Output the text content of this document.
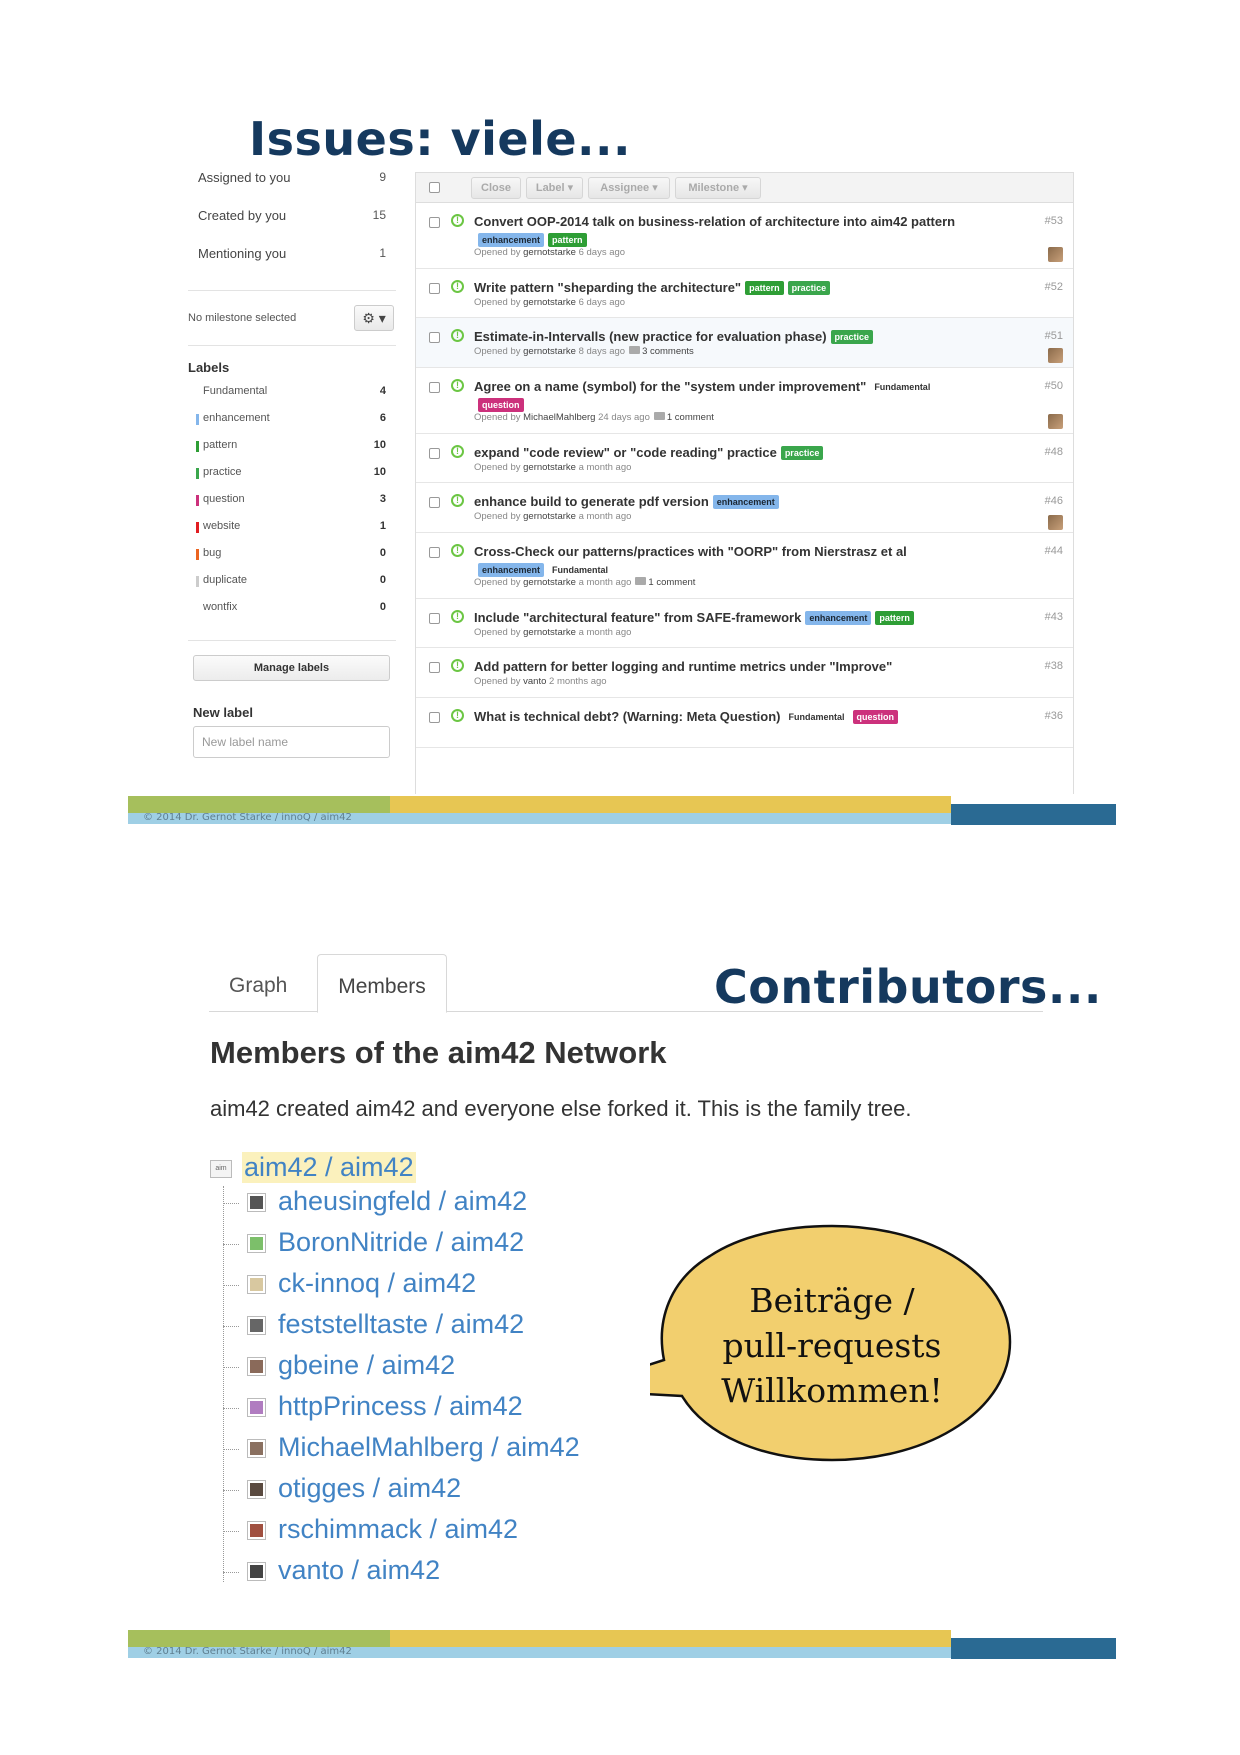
Issues: viele...
Assigned to you	9
Created by you	15
Mentioning you	1
No milestone selected	⚙ ▾
Labels
Fundamental	4
enhancement	6
pattern	10
practice	10
question	3
website	1
bug	0
duplicate	0
wontfix	0
Manage labels
New label
New label name
Close	Label ▾	Assignee ▾	Milestone ▾
!	Convert OOP-2014 talk on business-relation of architecture into aim42 patternenhancement pattern
Opened by gernotstarke 6 days ago
#53
!	Write pattern "sheparding the architecture" pattern practice
Opened by gernotstarke 6 days ago
#52
!	Estimate-in-Intervalls (new practice for evaluation phase) practice
Opened by gernotstarke 8 days ago 3 comments
#51
!	Agree on a name (symbol) for the "system under improvement" Fundamentalquestion
Opened by MichaelMahlberg 24 days ago 1 comment
#50
!	expand "code review" or "code reading" practice practice
Opened by gernotstarke a month ago
#48
!	enhance build to generate pdf version enhancement
Opened by gernotstarke a month ago
#46
!	Cross-Check our patterns/practices with "OORP" from Nierstrasz et alenhancement Fundamental
Opened by gernotstarke a month ago 1 comment
#44
!	Include "architectural feature" from SAFE-framework enhancement pattern
Opened by gernotstarke a month ago
#43
!	Add pattern for better logging and runtime metrics under "Improve"
Opened by vanto 2 months ago
#38
!	What is technical debt? (Warning: Meta Question) Fundamental question	#36
© 2014 Dr. Gernot Starke / innoQ / aim42
Graph	Members	Contributors...
Members of the aim42 Network
aim42 created aim42 and everyone else forked it. This is the family tree.
aim aim42 / aim42
aheusingfeld / aim42
BoronNitride / aim42
ck-innoq / aim42
feststelltaste / aim42
gbeine / aim42
httpPrincess / aim42
MichaelMahlberg / aim42
otigges / aim42
rschimmack / aim42
vanto / aim42
Beiträge /
pull-requests
Willkommen!
© 2014 Dr. Gernot Starke / innoQ / aim42
